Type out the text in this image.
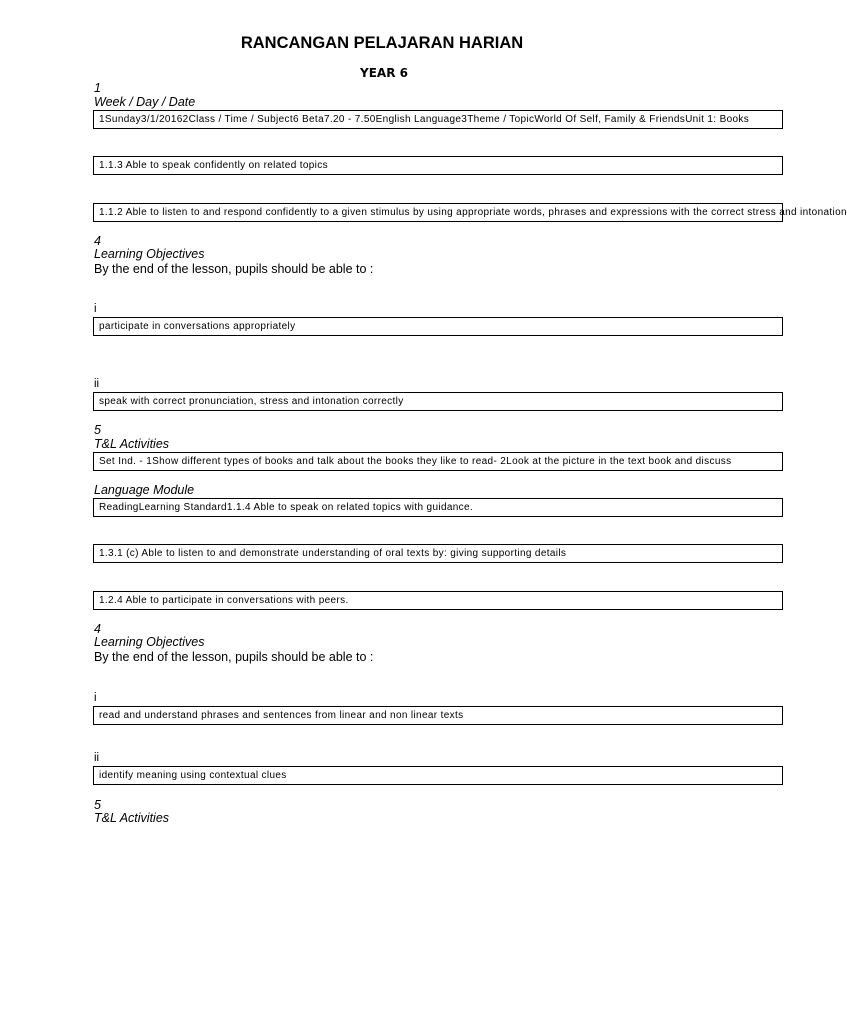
RANCANGAN PELAJARAN HARIAN
YEAR 6
1
Week / Day / Date
1Sunday3/1/20162Class / Time / Subject6 Beta7.20 - 7.50English Language3Theme / TopicWorld Of Self, Family & FriendsUnit 1: Books
1.1.3 Able to speak confidently on related topics
1.1.2 Able to listen to and respond confidently to a given stimulus by using appropriate words, phrases and expressions with the correct stress and intonation
4
Learning Objectives
By the end of the lesson, pupils should be able to :
i
participate in conversations appropriately
ii
speak with correct pronunciation, stress and intonation correctly
5
T&L Activities
Set Ind. - 1Show different types of books and talk about the books they like to read- 2Look at the picture in the text book and discuss
Language Module
ReadingLearning Standard1.1.4 Able to speak on related topics with guidance.
1.3.1 (c) Able to listen to and demonstrate understanding of oral texts by: giving supporting details
1.2.4 Able to participate in conversations with peers.
4
Learning Objectives
By the end of the lesson, pupils should be able to :
i
read and understand phrases and sentences from linear and non linear texts
ii
identify meaning using contextual clues
5
T&L Activities
